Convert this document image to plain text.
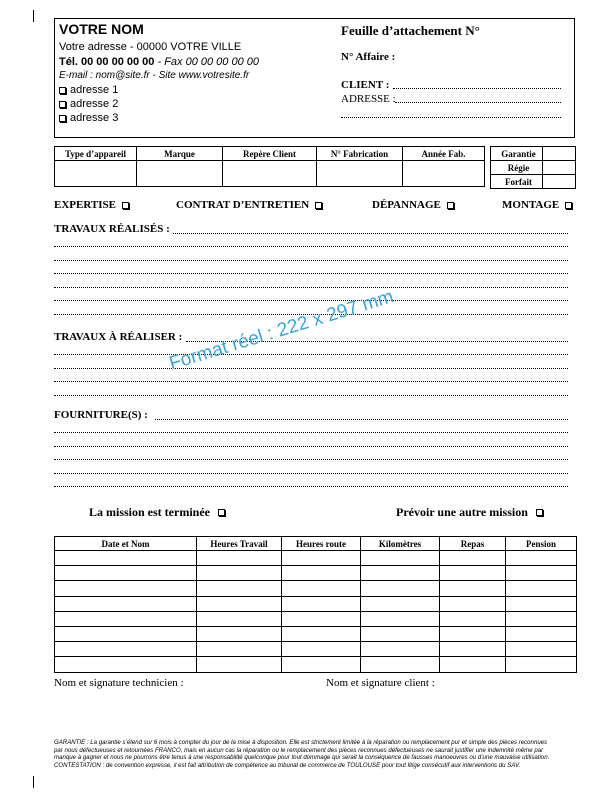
VOTRE NOM
Votre adresse - 00000 VOTRE VILLE
Tél. 00 00 00 00 00 - Fax 00 00 00 00 00
E-mail : nom@site.fr - Site www.votresite.fr
adresse 1
adresse 2
adresse 3
Feuille d’attachement N°
N° Affaire :
CLIENT :
ADRESSE :
Type d’appareil	Marque	Repère Client	N° Fabrication	Année Fab.
					Garantie	
Régie	
Forfait	
EXPERTISE	CONTRAT D’ENTRETIEN	DÉPANNAGE	MONTAGE
TRAVAUX RÉALISÉS :
TRAVAUX À RÉALISER :
FOURNITURE(S) :
Format réel : 222 x 297 mm
La mission est terminée	Prévoir une autre mission
Date et Nom	Heures Travail	Heures route	Kilomètres	Repas	Pension

Nom et signature technicien :	Nom et signature client :
GARANTIE : La garantie s’étend sur 6 mois à compter du jour de la mise à disposition. Elle est strictement limitée à la réparation ou remplacement pur et simple des pièces reconnues
par nous défectueuses et retournées FRANCO, mais en aucun cas la réparation ou le remplacement des pièces reconnues défectueuses ne saurait justifier une indemnité même par
manque à gagner et nous ne pourrons être tenus à une responsabilité quelconque pour tout dommage qui serait la conséquence de fausses manoeuvres ou d’une mauvaise utilisation.
CONTESTATION : de convention expresse, il est fait attribution de compétence au tribunal de commerce de TOULOUSE pour tout litige consécutif aux interventions du SAV.
